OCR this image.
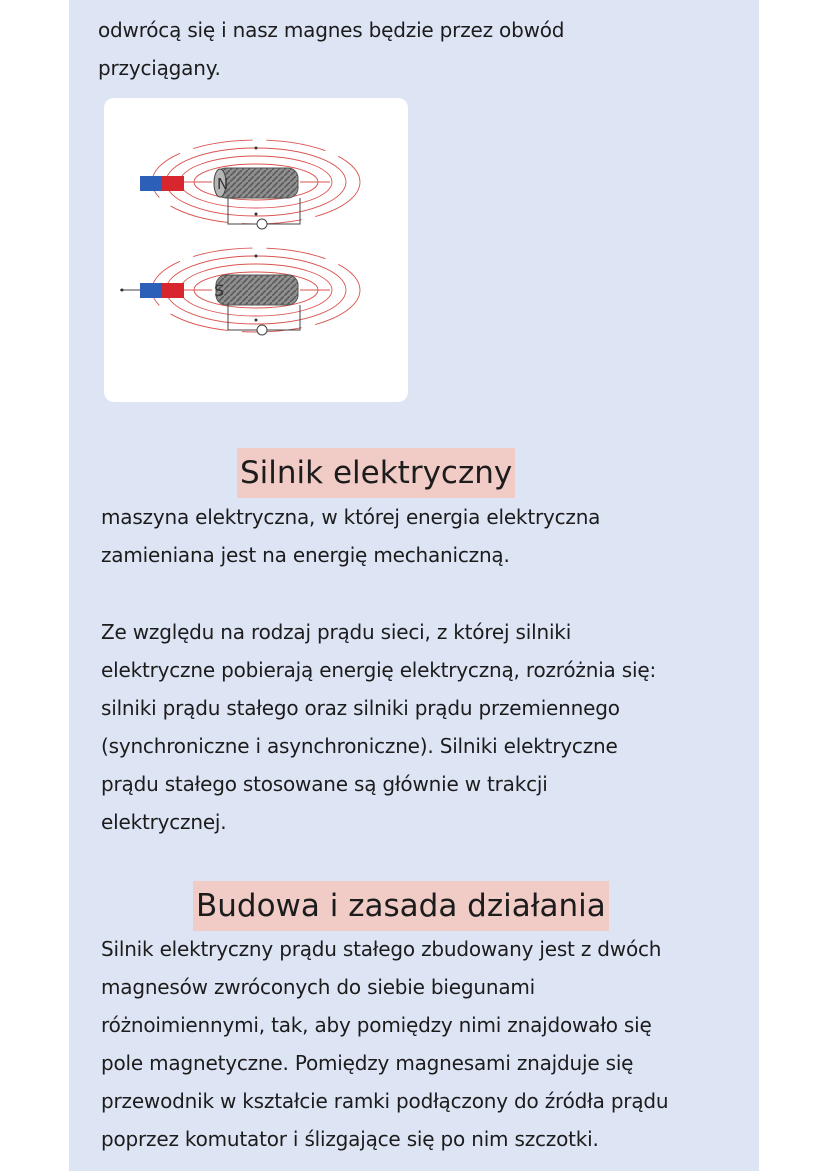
odwrócą się i nasz magnes będzie przez obwód
przyciągany.
N
S
Silnik elektryczny
maszyna elektryczna, w której energia elektryczna
zamieniana jest na energię mechaniczną.
Ze względu na rodzaj prądu sieci, z której silniki
elektryczne pobierają energię elektryczną, rozróżnia się:
silniki prądu stałego oraz silniki prądu przemiennego
(synchroniczne i asynchroniczne). Silniki elektryczne
prądu stałego stosowane są głównie w trakcji
elektrycznej.
Budowa i zasada działania
Silnik elektryczny prądu stałego zbudowany jest z dwóch
magnesów zwróconych do siebie biegunami
różnoimiennymi, tak, aby pomiędzy nimi znajdowało się
pole magnetyczne. Pomiędzy magnesami znajduje się
przewodnik w kształcie ramki podłączony do źródła prądu
poprzez komutator i ślizgające się po nim szczotki.
